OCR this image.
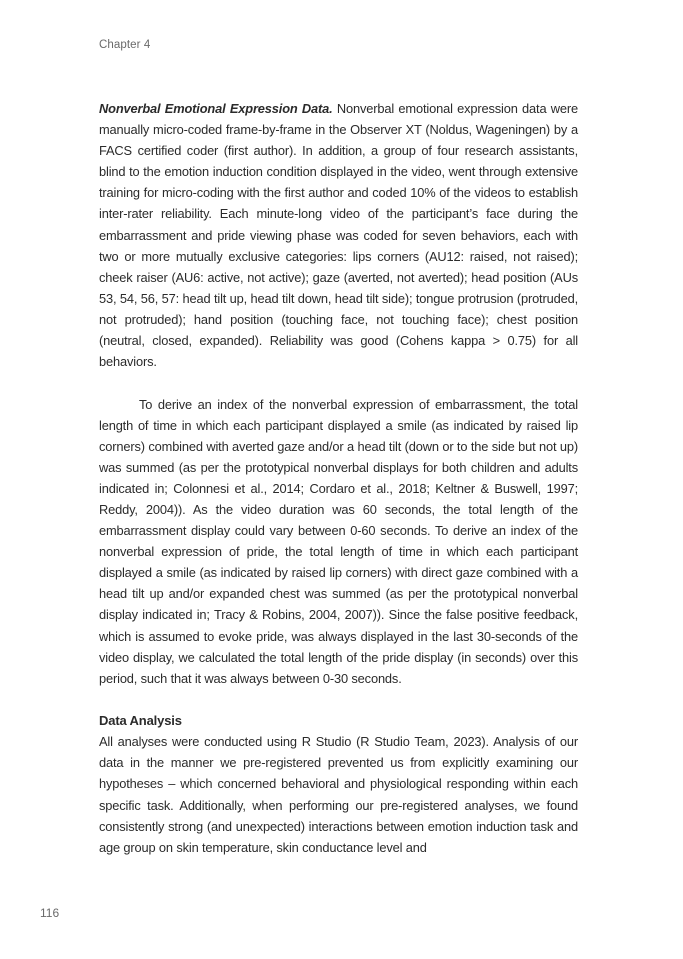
Chapter 4

Nonverbal Emotional Expression Data. Nonverbal emotional expression data were manually micro-coded frame-by-frame in the Observer XT (Noldus, Wageningen) by a FACS certified coder (first author). In addition, a group of four research assistants, blind to the emotion induction condition displayed in the video, went through extensive training for micro-coding with the first author and coded 10% of the videos to establish inter-rater reliability. Each minute-long video of the participant’s face during the embarrassment and pride viewing phase was coded for seven behaviors, each with two or more mutually exclusive categories: lips corners (AU12: raised, not raised); cheek raiser (AU6: active, not active); gaze (averted, not averted); head position (AUs 53, 54, 56, 57: head tilt up, head tilt down, head tilt side); tongue protrusion (protruded, not protruded); hand position (touching face, not touching face); chest position (neutral, closed, expanded). Reliability was good (Cohens kappa > 0.75) for all behaviors.

To derive an index of the nonverbal expression of embarrassment, the total length of time in which each participant displayed a smile (as indicated by raised lip corners) combined with averted gaze and/or a head tilt (down or to the side but not up) was summed (as per the prototypical nonverbal displays for both children and adults indicated in; Colonnesi et al., 2014; Cordaro et al., 2018; Keltner & Buswell, 1997; Reddy, 2004)). As the video duration was 60 seconds, the total length of the embarrassment display could vary between 0-60 seconds. To derive an index of the nonverbal expression of pride, the total length of time in which each participant displayed a smile (as indicated by raised lip corners) with direct gaze combined with a head tilt up and/or expanded chest was summed (as per the prototypical nonverbal display indicated in; Tracy & Robins, 2004, 2007)). Since the false positive feedback, which is assumed to evoke pride, was always displayed in the last 30-seconds of the video display, we calculated the total length of the pride display (in seconds) over this period, such that it was always between 0-30 seconds.

Data Analysis

All analyses were conducted using R Studio (R Studio Team, 2023). Analysis of our data in the manner we pre-registered prevented us from explicitly examining our hypotheses – which concerned behavioral and physiological responding within each specific task. Additionally, when performing our pre-registered analyses, we found consistently strong (and unexpected) interactions between emotion induction task and age group on skin temperature, skin conductance level and

116
